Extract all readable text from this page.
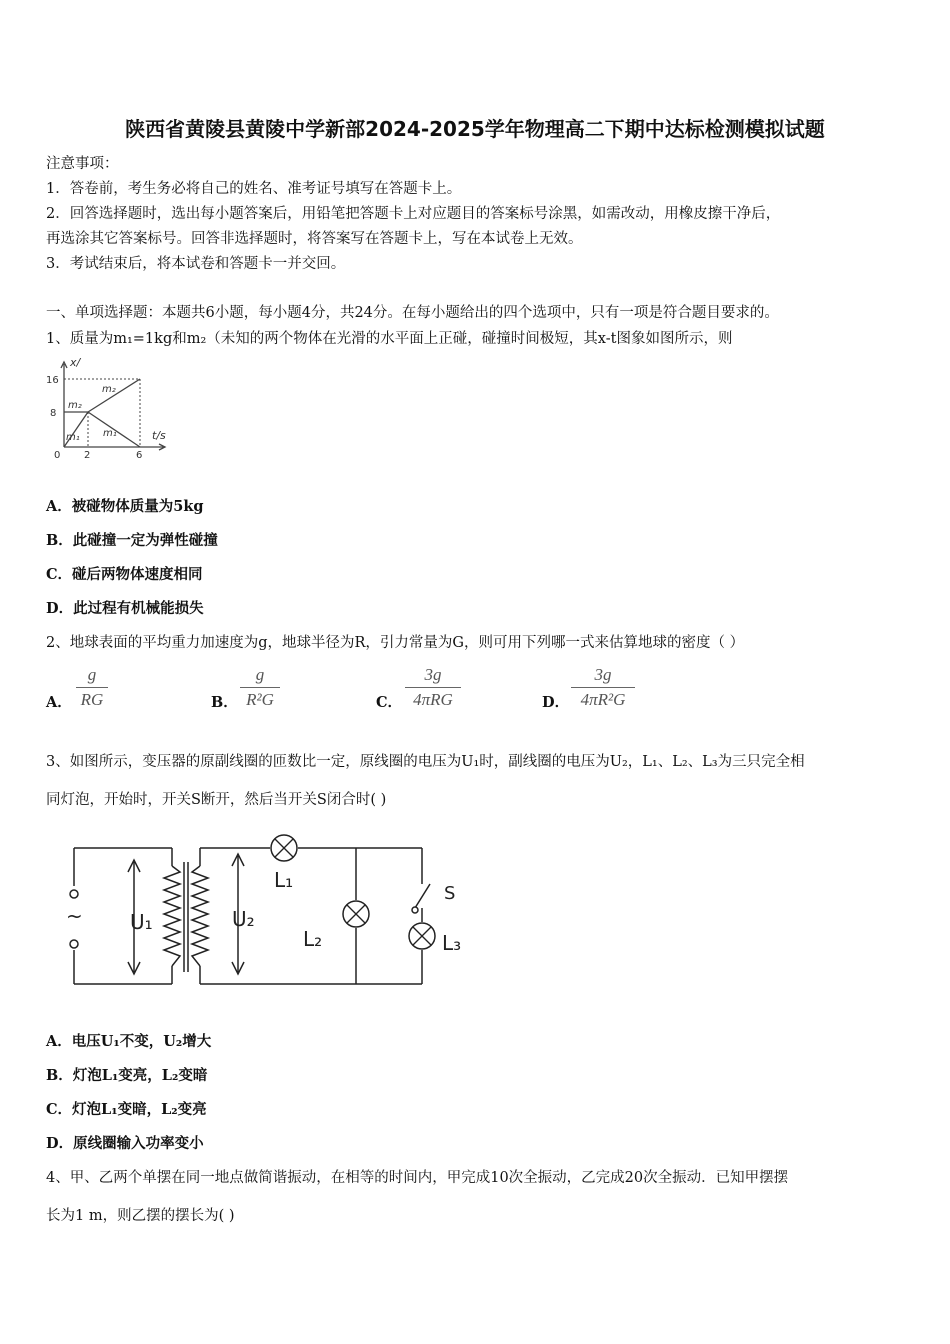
陕西省黄陵县黄陵中学新部2024-2025学年物理高二下期中达标检测模拟试题
注意事项：
1．答卷前，考生务必将自己的姓名、准考证号填写在答题卡上。
2．回答选择题时，选出每小题答案后，用铅笔把答题卡上对应题目的答案标号涂黑，如需改动，用橡皮擦干净后，
再选涂其它答案标号。回答非选择题时，将答案写在答题卡上，写在本试卷上无效。
3．考试结束后，将本试卷和答题卡一并交回。
一、单项选择题：本题共6小题，每小题4分，共24分。在每小题给出的四个选项中，只有一项是符合题目要求的。
1、质量为m₁=1kg和m₂（未知的两个物体在光滑的水平面上正碰，碰撞时间极短，其x-t图象如图所示，则
x/
t/s
16
8
0 2	6
m₂
m₂
m₁ m₁
A．被碰物体质量为5kg
B．此碰撞一定为弹性碰撞
C．碰后两物体速度相同
D．此过程有机械能损失
2、地球表面的平均重力加速度为g，地球半径为R，引力常量为G，则可用下列哪一式来估算地球的密度（ ）
A．
g
RG	B．
g
R²G	C．
3g
4πRG	D．
3g
4πR²G
3、如图所示，变压器的原副线圈的匝数比一定，原线圈的电压为U₁时，副线圈的电压为U₂，L₁、L₂、L₃为三只完全相
同灯泡，开始时，开关S断开，然后当开关S闭合时( )
~ U₁	U₂
L₁
L₂	L₃
S
A．电压U₁不变，U₂增大
B．灯泡L₁变亮，L₂变暗
C．灯泡L₁变暗，L₂变亮
D．原线圈输入功率变小
4、甲、乙两个单摆在同一地点做简谐振动，在相等的时间内，甲完成10次全振动，乙完成20次全振动．已知甲摆摆
长为1 m，则乙摆的摆长为( )
